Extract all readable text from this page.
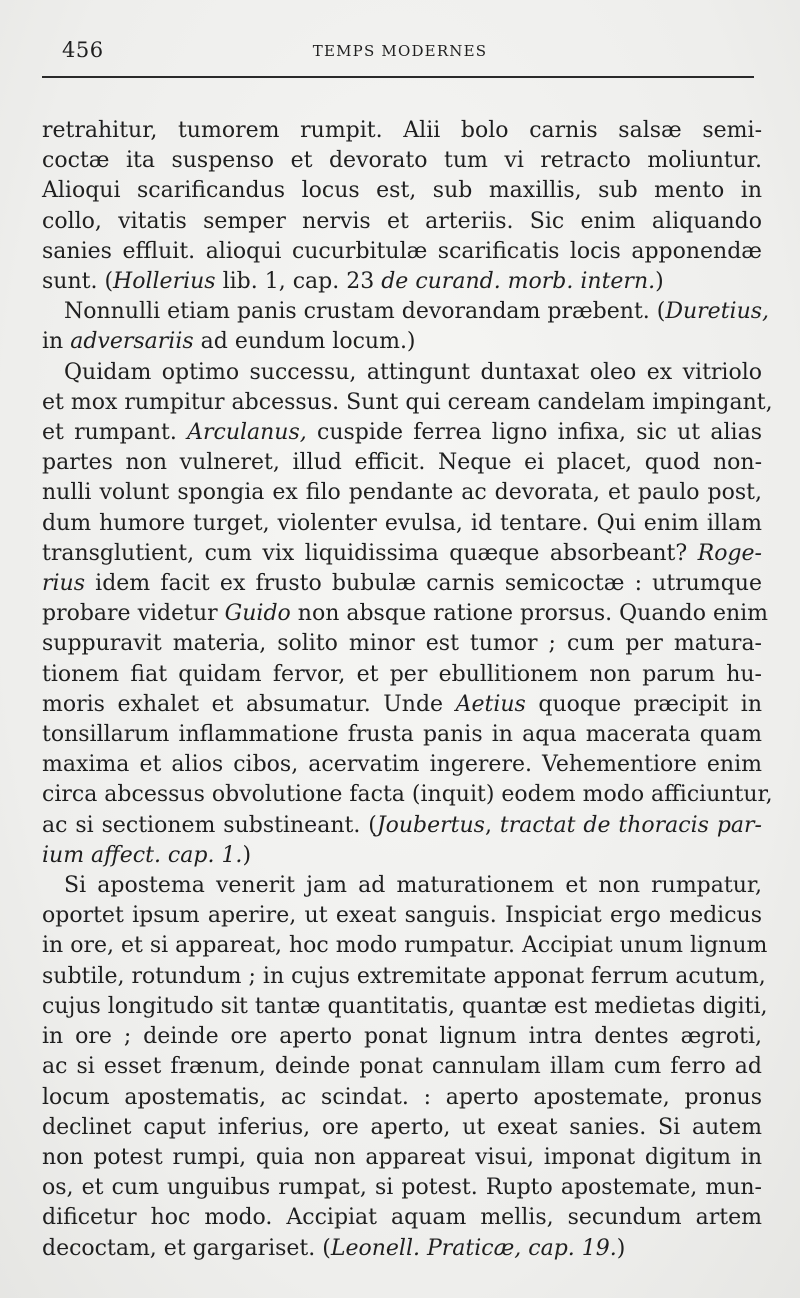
456	TEMPS MODERNES

retrahitur, tumorem rumpit. Alii bolo carnis salsæ semi-
coctæ ita suspenso et devorato tum vi retracto moliuntur.
Alioqui scarificandus locus est, sub maxillis, sub mento in
collo, vitatis semper nervis et arteriis. Sic enim aliquando
sanies effluit. alioqui cucurbitulæ scarificatis locis apponendæ
sunt. (Hollerius lib. 1, cap. 23 de curand. morb. intern.)

Nonnulli etiam panis crustam devorandam præbent. (Duretius,
in adversariis ad eundum locum.)

Quidam optimo successu, attingunt duntaxat oleo ex vitriolo
et mox rumpitur abcessus. Sunt qui ceream candelam impingant,
et rumpant. Arculanus, cuspide ferrea ligno infixa, sic ut alias
partes non vulneret, illud efficit. Neque ei placet, quod non-
nulli volunt spongia ex filo pendante ac devorata, et paulo post,
dum humore turget, violenter evulsa, id tentare. Qui enim illam
transglutient, cum vix liquidissima quæque absorbeant? Roge-
rius idem facit ex frusto bubulæ carnis semicoctæ : utrumque
probare videtur Guido non absque ratione prorsus. Quando enim
suppuravit materia, solito minor est tumor ; cum per matura-
tionem fiat quidam fervor, et per ebullitionem non parum hu-
moris exhalet et absumatur. Unde Aetius quoque præcipit in
tonsillarum inflammatione frusta panis in aqua macerata quam
maxima et alios cibos, acervatim ingerere. Vehementiore enim
circa abcessus obvolutione facta (inquit) eodem modo afficiuntur,
ac si sectionem substineant. (Joubertus, tractat de thoracis par-
ium affect. cap. 1.)

Si apostema venerit jam ad maturationem et non rumpatur,
oportet ipsum aperire, ut exeat sanguis. Inspiciat ergo medicus
in ore, et si appareat, hoc modo rumpatur. Accipiat unum lignum
subtile, rotundum ; in cujus extremitate apponat ferrum acutum,
cujus longitudo sit tantæ quantitatis, quantæ est medietas digiti,
in ore ; deinde ore aperto ponat lignum intra dentes ægroti,
ac si esset frænum, deinde ponat cannulam illam cum ferro ad
locum apostematis, ac scindat. : aperto apostemate, pronus
declinet caput inferius, ore aperto, ut exeat sanies. Si autem
non potest rumpi, quia non appareat visui, imponat digitum in
os, et cum unguibus rumpat, si potest. Rupto apostemate, mun-
dificetur hoc modo. Accipiat aquam mellis, secundum artem
decoctam, et gargariset. (Leonell. Praticæ, cap. 19.)
